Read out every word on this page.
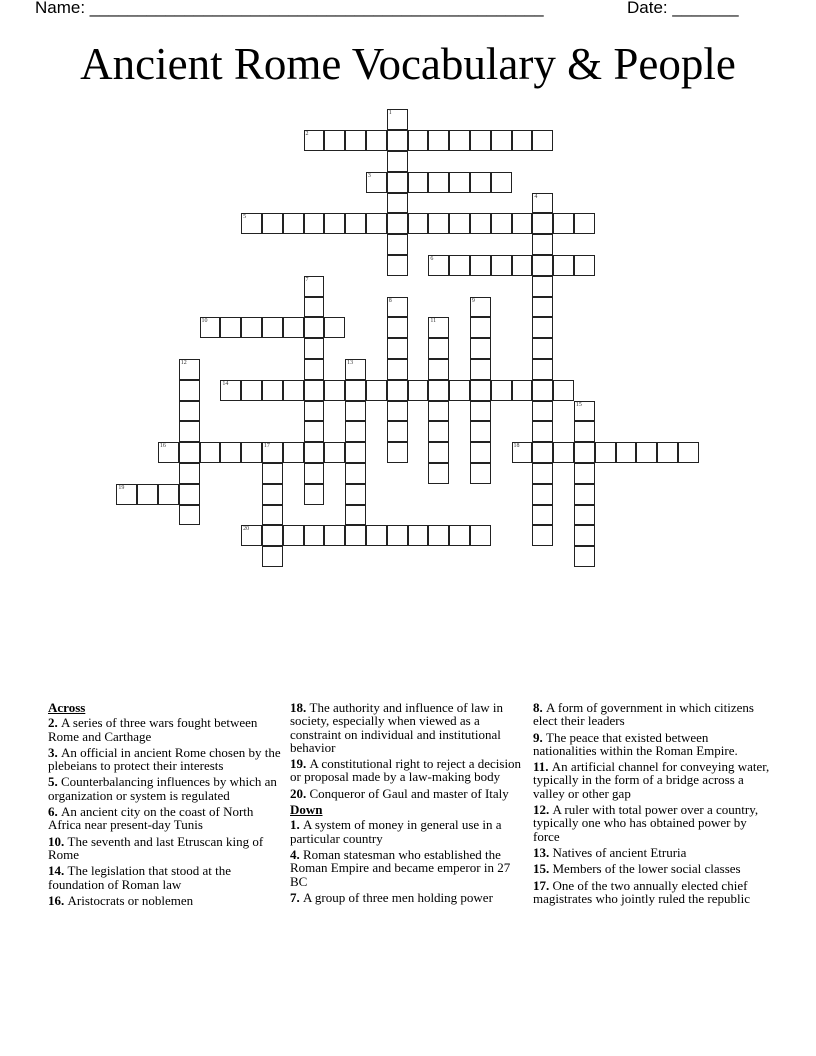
Name: ________________________________________________	Date: _______
Ancient Rome Vocabulary & People
2
3
5
6
10
14
16	17	18
19
20
1
4
7
8	9
11
12	13
15
Across
2. A series of three wars fought between Rome and Carthage
3. An official in ancient Rome chosen by the plebeians to protect their interests
5. Counterbalancing influences by which an organization or system is regulated
6. An ancient city on the coast of North Africa near present-day Tunis
10. The seventh and last Etruscan king of Rome
14. The legislation that stood at the foundation of Roman law
16. Aristocrats or noblemen
18. The authority and influence of law in society, especially when viewed as a constraint on individual and institutional behavior
19. A constitutional right to reject a decision or proposal made by a law-making body
20. Conqueror of Gaul and master of Italy
Down
1. A system of money in general use in a particular country
4. Roman statesman who established the Roman Empire and became emperor in 27 BC
7. A group of three men holding power
8. A form of government in which citizens elect their leaders
9. The peace that existed between nationalities within the Roman Empire.
11. An artificial channel for conveying water, typically in the form of a bridge across a valley or other gap
12. A ruler with total power over a country, typically one who has obtained power by force
13. Natives of ancient Etruria
15. Members of the lower social classes
17. One of the two annually elected chief magistrates who jointly ruled the republic
